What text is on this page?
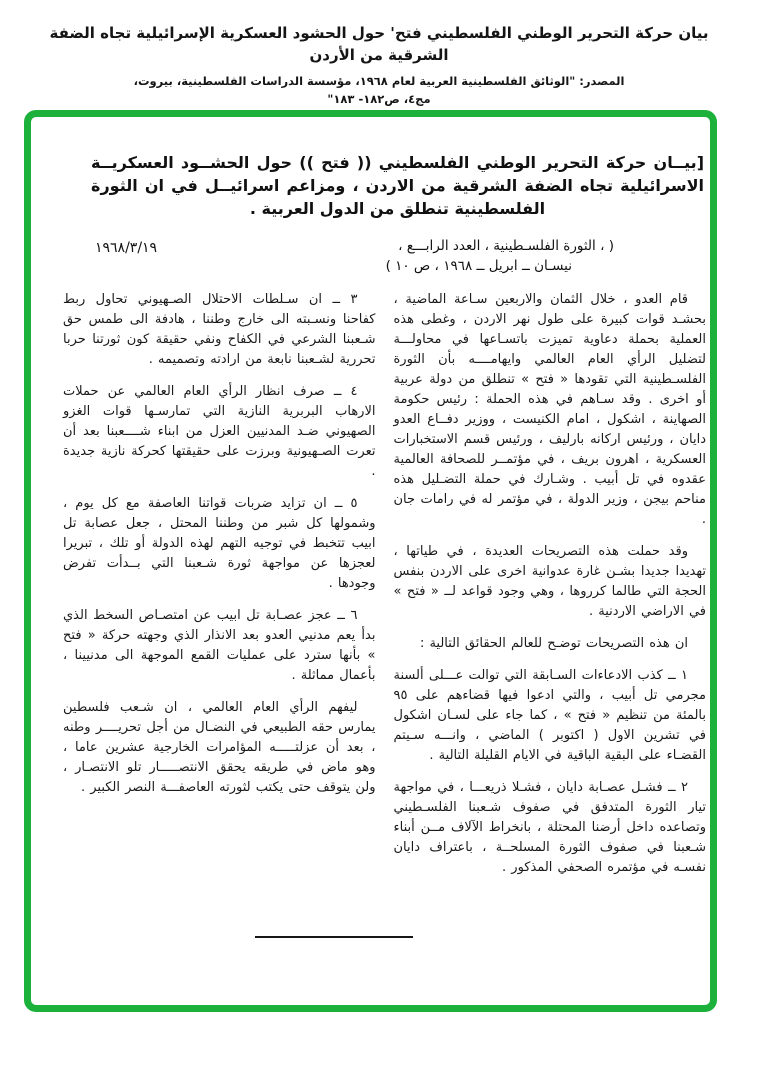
بيان حركة التحرير الوطني الفلسطيني فتح' حول الحشود العسكرية الإسرائيلية تجاه الضفة الشرقية من الأردن
المصدر: "الوثائق الفلسطينية العربية لعام ١٩٦٨، مؤسسة الدراسات الفلسطينية، بيروت، مج٤، ص١٨٢- ١٨٣"
[بيــان حركة التحرير الوطني الفلسطيني (( فتح )) حول الحشــود العسكريــة
الاسرائيلية تجاه الضفة الشرقية من الاردن ، ومزاعم اسرائيــل في ان الثورة
الفلسطينية تنطلق من الدول العربية .
١٩٦٨/٣/١٩	( ، الثورة الفلسـطينية ، العدد الرابـــع ،
نيسـان ــ ابريل ــ ١٩٦٨ ، ص ١٠ )

قام العدو ، خلال الثمان والاربعين سـاعة الماضية ، بحشـد قوات كبيرة على طول نهر الاردن ، وغطى هذه العملية بحملة دعاوية تميزت باتسـاعها في محاولـــة لتضليل الرأي العام العالمي وايهامــــه بأن الثورة الفلسـطينية التي تقودها « فتح » تنطلق من دولة عربية أو اخرى . وقد سـاهم في هذه الحملة : رئيس حكومة الصهاينة ، اشكول ، امام الكنيست ، ووزير دفــاع العدو دايان ، ورئيس اركانه بارليف ، ورئيس قسم الاستخبارات العسكرية ، اهرون بريف ، في مؤتمــر للصحافة العالمية عقدوه في تل أبيب . وشـارك في حملة التضـليل هذه مناحم بيجن ، وزير الدولة ، في مؤتمر له في رامات جان .

وقد حملت هذه التصريحات العديدة ، في طياتها ، تهديدا جديدا بشـن غارة عدوانية اخرى على الاردن بنفس الحجة التي طالما كرروها ، وهي وجود قواعد لــ « فتح » في الاراضي الاردنية .

ان هذه التصريحات توضـح للعالم الحقائق التالية :

١ ــ كذب الادعاءات السـابقة التي توالت عـــلى ألسنة مجرمي تل أبيب ، والتي ادعوا فيها قضاءهم على ٩٥ بالمئة من تنظيم « فتح » ، كما جاء على لسـان اشكول في تشرين الاول ( اكتوبر ) الماضي ، وانـــه سـيتم القضـاء على البقية الباقية في الايام القليلة التالية .

٢ ــ فشـل عصـابة دايان ، فشـلا ذريعـــا ، في مواجهة تيار الثورة المتدفق في صفوف شـعبنا الفلسـطيني وتصاعده داخل أرضنا المحتلة ، بانخراط الآلاف مــن أبناء شـعبنا في صفوف الثورة المسلحــة ، باعتراف دايان نفسـه في مؤتمره الصحفي المذكور .

٣ ــ ان سـلطات الاحتلال الصـهيوني تحاول ربط كفاحنا ونسـبته الى خارج وطننا ، هادفة الى طمس حق شـعبنا الشرعي في الكفاح ونفي حقيقة كون ثورتنا حربا تحررية لشـعبنا نابعة من ارادته وتصميمه .

٤ ــ صرف انظار الرأي العام العالمي عن حملات الارهاب البربرية النازية التي تمارسـها قوات الغزو الصهيوني ضـد المدنيين العزل من ابناء شــــعبنا بعد أن تعرت الصـهيونية وبرزت على حقيقتها كحركة نازية جديدة .

٥ ــ ان تزايد ضربات قواتنا العاصفة مع كل يوم ، وشمولها كل شبر من وطننا المحتل ، جعل عصابة تل ابيب تتخبط في توجيه التهم لهذه الدولة أو تلك ، تبريرا لعجزها عن مواجهة ثورة شـعبنا التي بــدأت تفرض وجودها .

٦ ــ عجز عصـابة تل ابيب عن امتصـاص السخط الذي بدأ يعم مدنيي العدو بعد الانذار الذي وجهته حركة « فتح » بأنها سترد على عمليات القمع الموجهة الى مدنيينا ، بأعمال مماثلة .

ليفهم الرأي العام العالمي ، ان شـعب فلسطين يمارس حقه الطبيعي في النضـال من أجل تحريــــر وطنه ، بعد أن عزلتـــــه المؤامرات الخارجية عشرين عاما ، وهو ماض في طريقه يحقق الانتصـــــار تلو الانتصـار ، ولن يتوقف حتى يكتب لثورته العاصفـــة النصر الكبير .
